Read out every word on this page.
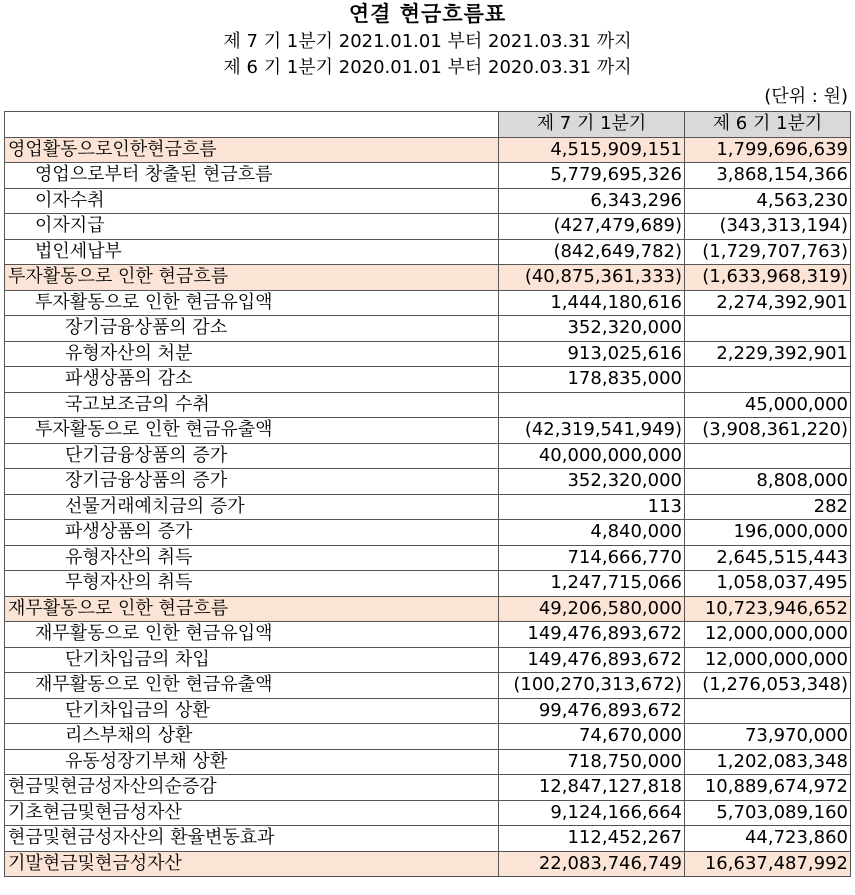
연결 현금흐름표
제 7 기 1분기 2021.01.01 부터 2021.03.31 까지
제 6 기 1분기 2020.01.01 부터 2020.03.31 까지
(단위 : 원)
	제 7 기 1분기	제 6 기 1분기
영업활동으로인한현금흐름	4,515,909,151	1,799,696,639
영업으로부터 창출된 현금흐름	5,779,695,326	3,868,154,366
이자수취	6,343,296	4,563,230
이자지급	(427,479,689)	(343,313,194)
법인세납부	(842,649,782)	(1,729,707,763)
투자활동으로 인한 현금흐름	(40,875,361,333)	(1,633,968,319)
투자활동으로 인한 현금유입액	1,444,180,616	2,274,392,901
장기금융상품의 감소	352,320,000	
유형자산의 처분	913,025,616	2,229,392,901
파생상품의 감소	178,835,000	
국고보조금의 수취		45,000,000
투자활동으로 인한 현금유출액	(42,319,541,949)	(3,908,361,220)
단기금융상품의 증가	40,000,000,000	
장기금융상품의 증가	352,320,000	8,808,000
선물거래예치금의 증가	113	282
파생상품의 증가	4,840,000	196,000,000
유형자산의 취득	714,666,770	2,645,515,443
무형자산의 취득	1,247,715,066	1,058,037,495
재무활동으로 인한 현금흐름	49,206,580,000	10,723,946,652
재무활동으로 인한 현금유입액	149,476,893,672	12,000,000,000
단기차입금의 차입	149,476,893,672	12,000,000,000
재무활동으로 인한 현금유출액	(100,270,313,672)	(1,276,053,348)
단기차입금의 상환	99,476,893,672	
리스부채의 상환	74,670,000	73,970,000
유동성장기부채 상환	718,750,000	1,202,083,348
현금및현금성자산의순증감	12,847,127,818	10,889,674,972
기초현금및현금성자산	9,124,166,664	5,703,089,160
현금및현금성자산의 환율변동효과	112,452,267	44,723,860
기말현금및현금성자산	22,083,746,749	16,637,487,992
